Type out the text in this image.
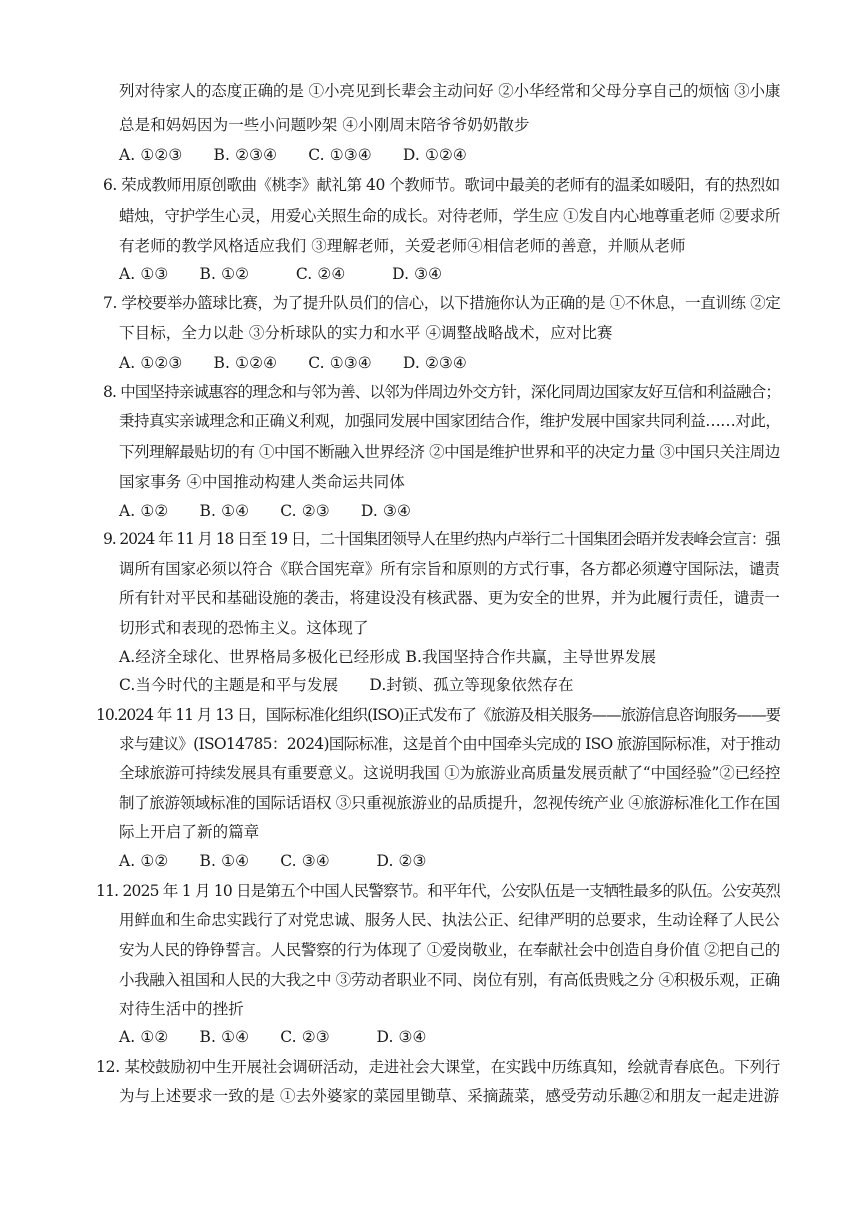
列对待家人的态度正确的是 ①小亮见到长辈会主动问好 ②小华经常和父母分享自己的烦恼 ③小康
总是和妈妈因为一些小问题吵架 ④小刚周末陪爷爷奶奶散步
A. ①②③　　B. ②③④　　C. ①③④　　D. ①②④
6. 荣成教师用原创歌曲《桃李》献礼第 40 个教师节。歌词中最美的老师有的温柔如暖阳，有的热烈如
蜡烛，守护学生心灵，用爱心关照生命的成长。对待老师，学生应 ①发自内心地尊重老师 ②要求所
有老师的教学风格适应我们 ③理解老师，关爱老师④相信老师的善意，并顺从老师
A. ①③　　B. ①②　　　C. ②④　　　D. ③④
7. 学校要举办篮球比赛，为了提升队员们的信心，以下措施你认为正确的是 ①不休息，一直训练 ②定
下目标，全力以赴 ③分析球队的实力和水平 ④调整战略战术，应对比赛
A. ①②③　　B. ①②④　　C. ①③④　　D. ②③④
8. 中国坚持亲诚惠容的理念和与邻为善、以邻为伴周边外交方针，深化同周边国家友好互信和利益融合；
秉持真实亲诚理念和正确义利观，加强同发展中国家团结合作，维护发展中国家共同利益……对此，
下列理解最贴切的有 ①中国不断融入世界经济 ②中国是维护世界和平的决定力量 ③中国只关注周边
国家事务 ④中国推动构建人类命运共同体
A. ①②　　B. ①④　　C. ②③　　D. ③④
9. 2024 年 11 月 18 日至 19 日，二十国集团领导人在里约热内卢举行二十国集团会晤并发表峰会宣言：强
调所有国家必须以符合《联合国宪章》所有宗旨和原则的方式行事，各方都必须遵守国际法，谴责
所有针对平民和基础设施的袭击，将建设没有核武器、更为安全的世界，并为此履行责任，谴责一
切形式和表现的恐怖主义。这体现了
A.经济全球化、世界格局多极化已经形成 B.我国坚持合作共赢，主导世界发展
C.当今时代的主题是和平与发展　　D.封锁、孤立等现象依然存在
10.2024 年 11 月 13 日，国际标准化组织(ISO)正式发布了《旅游及相关服务——旅游信息咨询服务——要
求与建议》(ISO14785：2024)国际标准，这是首个由中国牵头完成的 ISO 旅游国际标准，对于推动
全球旅游可持续发展具有重要意义。这说明我国 ①为旅游业高质量发展贡献了“中国经验”②已经控
制了旅游领域标准的国际话语权 ③只重视旅游业的品质提升，忽视传统产业 ④旅游标准化工作在国
际上开启了新的篇章
A. ①②　　B. ①④　　C. ③④　　　D. ②③
11. 2025 年 1 月 10 日是第五个中国人民警察节。和平年代，公安队伍是一支牺牲最多的队伍。公安英烈
用鲜血和生命忠实践行了对党忠诚、服务人民、执法公正、纪律严明的总要求，生动诠释了人民公
安为人民的铮铮誓言。人民警察的行为体现了 ①爱岗敬业，在奉献社会中创造自身价值 ②把自己的
小我融入祖国和人民的大我之中 ③劳动者职业不同、岗位有别，有高低贵贱之分 ④积极乐观，正确
对待生活中的挫折
A. ①②　　B. ①④　　C. ②③　　　D. ③④
12. 某校鼓励初中生开展社会调研活动，走进社会大课堂，在实践中历练真知，绘就青春底色。下列行
为与上述要求一致的是 ①去外婆家的菜园里锄草、采摘蔬菜，感受劳动乐趣②和朋友一起走进游
